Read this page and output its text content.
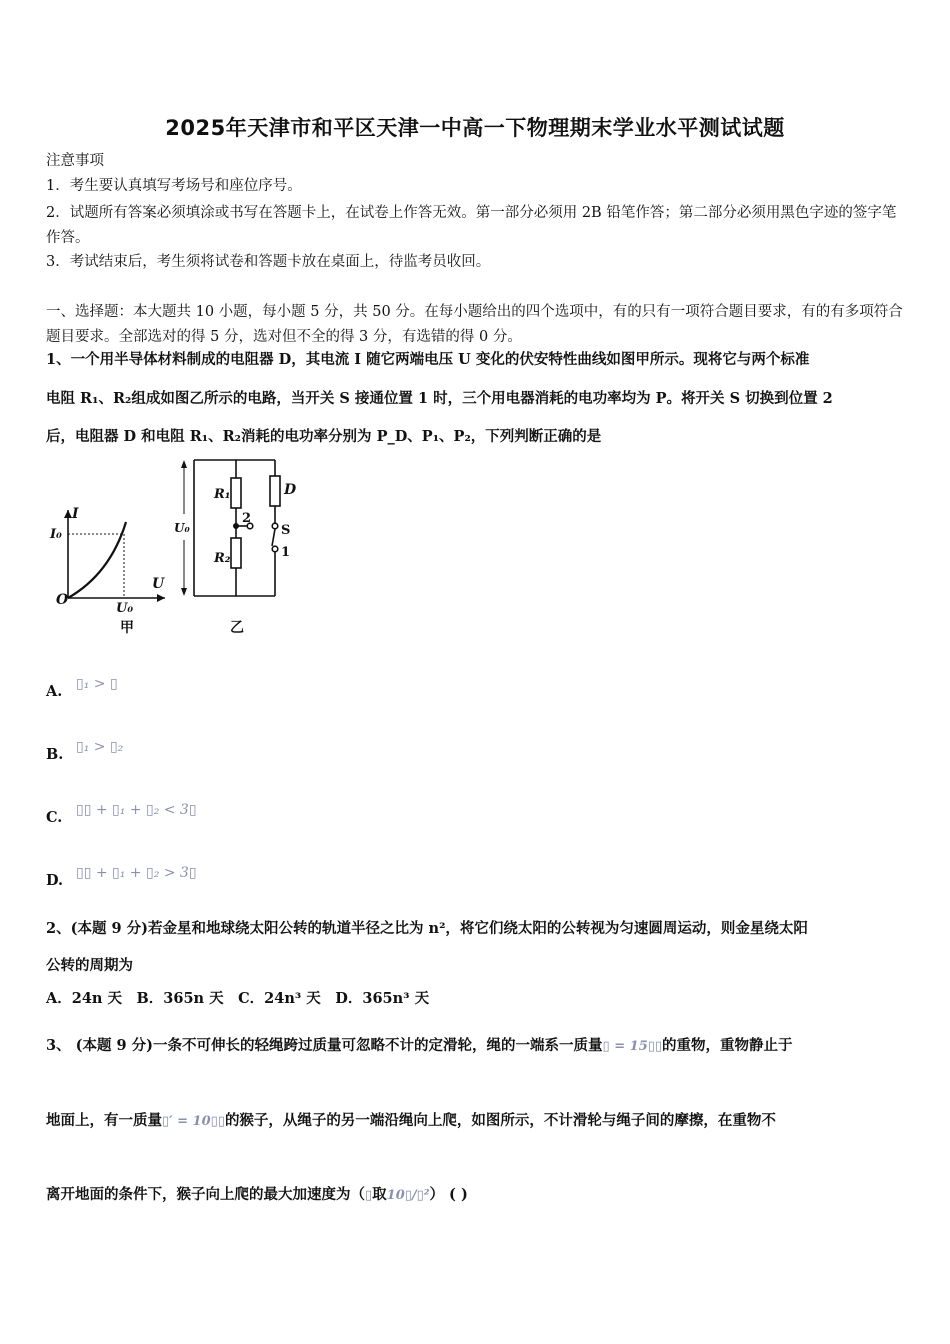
2025年天津市和平区天津一中高一下物理期末学业水平测试试题
注意事项
1．考生要认真填写考场号和座位序号。
2．试题所有答案必须填涂或书写在答题卡上，在试卷上作答无效。第一部分必须用 2B 铅笔作答；第二部分必须用黑色字迹的签字笔作答。
3．考试结束后，考生须将试卷和答题卡放在桌面上，待监考员收回。
一、选择题：本大题共 10 小题，每小题 5 分，共 50 分。在每小题给出的四个选项中，有的只有一项符合题目要求，有的有多项符合题目要求。全部选对的得 5 分，选对但不全的得 3 分，有选错的得 0 分。
1、一个用半导体材料制成的电阻器 D，其电流 I 随它两端电压 U 变化的伏安特性曲线如图甲所示。现将它与两个标准
电阻 R₁、R₂组成如图乙所示的电路，当开关 S 接通位置 1 时，三个用电器消耗的电功率均为 P。将开关 S 切换到位置 2
后，电阻器 D 和电阻 R₁、R₂消耗的电功率分别为 P_D、P₁、P₂，下列判断正确的是
I
U
O
I₀
U₀
甲
R₁
R₂
D
S
2
1
U₀
乙
A. ▯₁ > ▯
B. ▯₁ > ▯₂
C. ▯▯ + ▯₁ + ▯₂ < 3▯
D. ▯▯ + ▯₁ + ▯₂ > 3▯
2、(本题 9 分)若金星和地球绕太阳公转的轨道半径之比为 n²，将它们绕太阳的公转视为匀速圆周运动，则金星绕太阳
公转的周期为
A．24n 天　B．365n 天　C．24n³ 天　D．365n³ 天
3、 (本题 9 分)一条不可伸长的轻绳跨过质量可忽略不计的定滑轮，绳的一端系一质量▯ = 15▯▯的重物，重物静止于
地面上，有一质量▯′ = 10▯▯的猴子，从绳子的另一端沿绳向上爬，如图所示，不计滑轮与绳子间的摩擦，在重物不
离开地面的条件下，猴子向上爬的最大加速度为（▯取10▯/▯²） ( )
